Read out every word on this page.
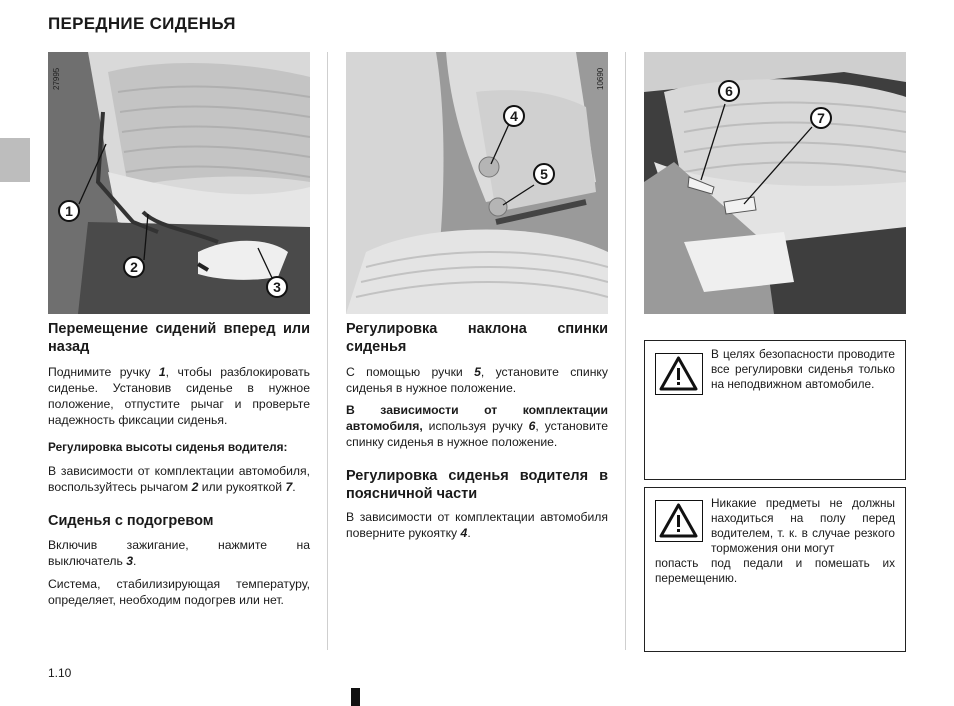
ПЕРЕДНИЕ СИДЕНЬЯ
1
2
3
27995
4
5
10690
6
7

Перемещение сидений вперед или назад

Поднимите ручку 1, чтобы разблокировать сиденье. Установив сиденье в нужное положение, отпустите рычаг и проверьте надежность фиксации сиденья.

Регулировка высоты сиденья водителя:

В зависимости от комплектации автомобиля, воспользуйтесь рычагом 2 или рукояткой 7.

Сиденья с подогревом

Включив зажигание, нажмите на выключатель 3.

Система, стабилизирующая температуру, определяет, необходим подогрев или нет.

Регулировка наклона спинки сиденья

С помощью ручки 5, установите спинку сиденья в нужное положение.

В зависимости от комплектации автомобиля, используя ручку 6, установите спинку сиденья в нужное положение.

Регулировка сиденья водителя в поясничной части

В зависимости от комплектации автомобиля поверните рукоятку 4.

В целях безопасности проводите все регулировки сиденья только на неподвижном автомобиле.
Никакие предметы не должны находиться на полу перед водителем, т. к. в случае резкого торможения они могут
попасть под педали и помешать их перемещению.
1.10
